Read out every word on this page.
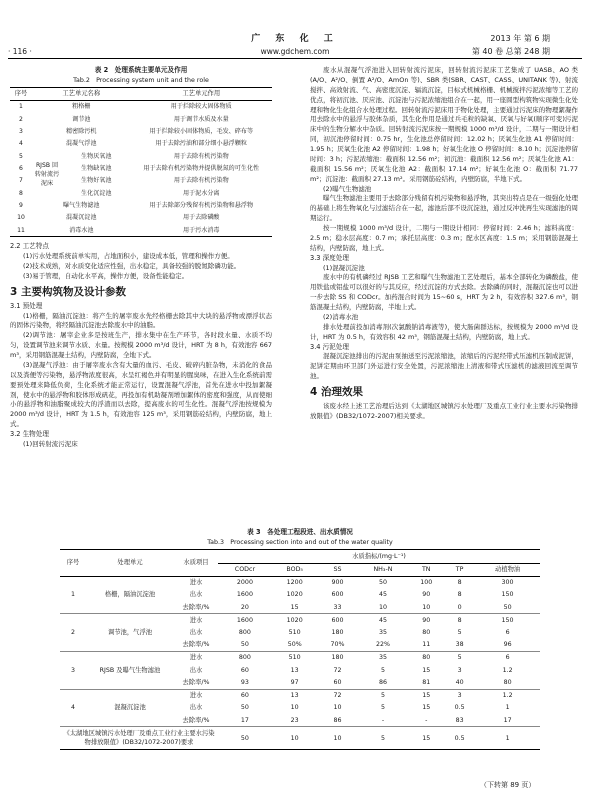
· 116 ·
广 东 化 工
www.gdchem.com
2013 年 第 6 期
第 40 卷 总第 248 期
表 2　处理系统主要单元及作用
Tab.2　Processing system unit and the role
序号	工艺单元名称		工艺单元作用
1	粗格栅		用于拦除较大固体物质
2	调节池		用于调节水质及水量
3	精密除污机		用于拦除较小固体物质，毛发、碎布等
4	混凝气浮池		用于去除污油和部分细小悬浮颗粒
5	RJSB 回转射流污泥床	生物厌氧池	用于去除有机污染物
6		生物缺氧池	用于去除有机污染物并提供脱氮的可生化性
7		生物好氧池	用于去除有机污染物
8		生化沉淀池	用于泥水分离
9	曝气生物滤池		用于去除部分残留有机污染物和悬浮物
10	混凝沉淀池		用于去除磷酸
11	消毒水池		用于污水消毒
2.2 工艺特点
(1)污水处理系统前单实用，占地面积小，建设成本低，管理和操作方便。
(2)技术成熟，对水质变化适应性强，出水稳定，具备较强的脱氮除磷功能。
(3)易于管理，自动化水平高，操作方便，设备性能稳定。
3 主要构筑物及设计参数
3.1 预处理
(1)格栅，隔油沉淀池：将产生的屠宰废水先经格栅去除其中大块的悬浮物或漂浮状态的固体污染物，将经隔油沉淀池去除废水中的油脂。
(2)调节池：屠宰企业多是按班生产，排水集中在生产环节，各时段水量、水质不均匀，设置调节池来调节水质、水量。按规模 2000 m³/d 设计，HRT 为 8 h，有效池容 667 m³，采用钢筋混凝土结构，内壁防腐，全地下式。
(3)混凝气浮池：由于屠宰废水含有大量的血污、毛皮、破碎内脏杂物，未消化的食品以及粪便等污染物，悬浮物浓度很高，水呈红褐色并有明显的腥臭味，在进入生化系统前需要预处理来降低负荷，生化系统才能正常运行，设置混凝气浮池，首先在进水中投加絮凝剂，使水中的悬浮物和胶体形成矾花，再投加有机助凝剂增加絮体的密度和强度，从而使细小的悬浮物和油脂聚成较大的浮渣而以去除，提高废水的可生化性。混凝气浮池按规模为 2000 m³/d 设计，HRT 为 1.5 h，有效池容 125 m³，采用钢筋砼结构，内壁防腐，地上式。
3.2 生物处理
(1)回转射流污泥床
废水从混凝气浮池进入回转射流污泥床，回转射流污泥床工艺集成了 UASB、AO 类(A/O、A²/O、倒置 A²/O、AmOn 等)、SBR 类(SBR、CAST、CASS、UNITANK 等)、射流搅拌、高效射流、气、高密度沉淀、辐流沉淀，目标式机械格栅、机械搅拌污泥浓缩等工艺的优点，将初沉池、厌应池、沉淀池与污泥浓缩池组合在一起，用一座圆型构筑物实现微生化处理和物化生化组合水处理过程。回转射流污泥床用于物化处理，主要通过污泥床的物理絮凝作用去除水中的悬浮与胶体杂质，其生化作用是通过兵毛粒的缺氧、厌氧与好氧(顺序可变)污泥床中的生物分解水中杂质。回转射流污泥床按一期规模 1000 m³/d 设计，二期与一期设计相同，初沉池停留时间：0.75 hr，生化池总停留时间：12.02 h；厌氧生化池 A1 停留时间：1.95 h；厌氧生化池 A2 停留时间：1.98 h；好氧生化池 O 停留时间：8.10 h；沉淀池停留时间：3 h；污泥浓缩池：截面积 12.56 m²；初沉池：截面积 12.56 m²；厌氧生化池 A1：截面积 15.56 m²；厌氧生化池 A2：截面积 17.14 m²；好氧生化池 O：截面积 71.77 m²；沉淀池：截面积 27.13 m²。采用钢筋砼结构，内壁防腐，半地下式。
(2)曝气生物滤池
曝气生物滤池主要用于去除部分残留有机污染物和悬浮物，其突出特点是在一级强化处理的基础上将生物氧化与过滤结合在一起，滤池后部不设沉淀池，通过反冲洗再生实现滤池的周期运行。
按一期规模 1000 m³/d 设计，二期与一期设计相同：停留时间：2.46 h；滤料高度：2.5 m；稳水层高度：0.7 m；承托层高度：0.3 m；配水区高度：1.5 m；采用钢筋混凝土结构，内壁防腐，地上式。
3.3 深度处理
(1)混凝沉淀池
废水中的有机磷经过 RJSB 工艺和曝气生物滤池工艺处理后，基本全部转化为磷酸盐，使用铁盐或铝盐可以很好的与其反应，经过沉淀的方式去除。去除磷的同时，混凝沉淀也可以进一步去除 SS 和 CODcr。加药混合时间为 15~60 s，HRT 为 2 h，有效容积 327.6 m³，钢筋混凝土结构，内壁防腐，半地上式。
(2)消毒水池
排水处理前投加消毒剂(次氯酸钠消毒液等)，使大肠菌群达标，按规模为 2000 m³/d 设计，HRT 为 0.5 h，有效容积 42 m³，钢筋混凝土结构，内壁防腐，地上式。
3.4 污泥处理
混凝沉淀池排出的污泥由泵抽送至污泥浓缩池，浓缩后的污泥经带式压滤机压制成泥饼，泥饼定期由环卫部门外运进行安全处置，污泥浓缩池上清液和带式压滤机的滤液回流至调节池。
4 治理效果
该废水经上述工艺治理后达到《太湖地区城镇污水处理厂及重点工业行业主要水污染物排放限值》(DB32/1072-2007)相关要求。
表 3　各处理工程段进、出水质情况
Tab.3　Processing section into and out of the water quality
序号	处理单元	水质项目	水质指标/(mg·L⁻¹)						
			CODcr	BOD₅	SS	NH₃-N	TN	TP	动植物油
1	格栅，隔油沉淀池	进水	2000	1200	900	50	100	8	300
		出水	1600	1020	600	45	90	8	150
		去除率/%	20	15	33	10	10	0	50
2	调节池，气浮池	进水	1600	1020	600	45	90	8	150
		出水	800	510	180	35	80	5	6
		去除率/%	50	50%	70%	22%	11	38	96
3	RJSB 及曝气生物滤池	进水	800	510	180	35	80	5	6
		出水	60	13	72	5	15	3	1.2
		去除率/%	93	97	60	86	81	40	80
4	混凝沉淀池	进水	60	13	72	5	15	3	1.2
		出水	50	10	10	5	15	0.5	1
		去除率/%	17	23	86	-	-	83	17
《太湖地区城镇污水处理厂及重点工业行业主要水污染物排放限值》(DB32/1072-2007)要求			50	10	10	5	15	0.5	1
（下转第 89 页）
